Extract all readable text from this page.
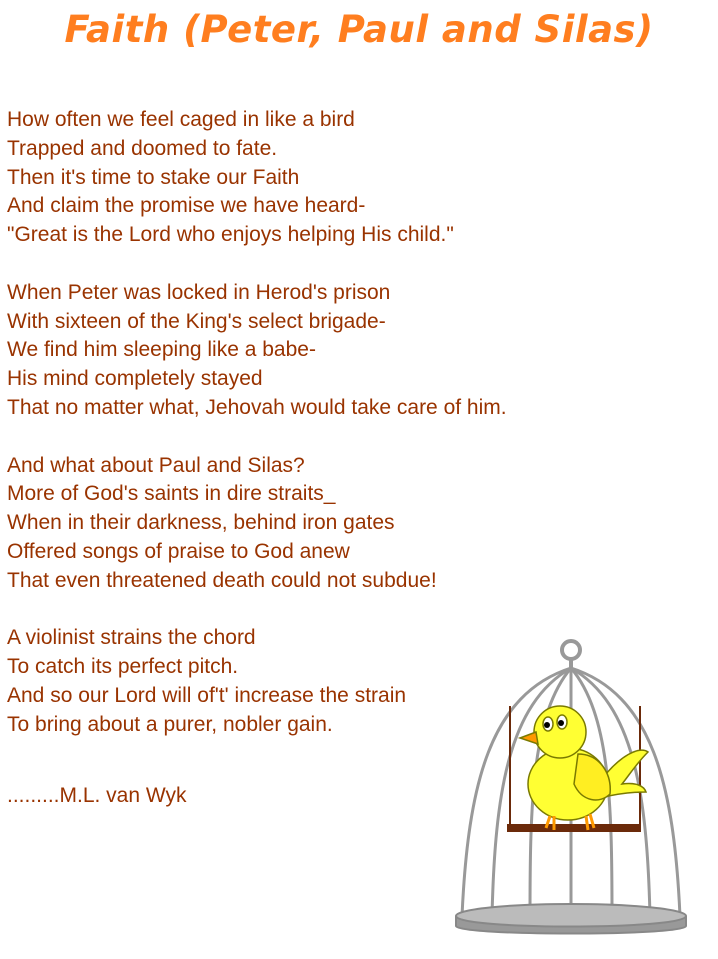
Faith (Peter, Paul and Silas)
How often we feel caged in like a bird
Trapped and doomed to fate.
Then it's time to stake our Faith
And claim the promise we have heard-
"Great is the Lord who enjoys helping His child."
When Peter was locked in Herod's prison
With sixteen of the King's select brigade-
We find him sleeping like a babe-
His mind completely stayed
That no matter what, Jehovah would take care of him.
And what about Paul and Silas?
More of God's saints in dire straits_
When in their darkness, behind iron gates
Offered songs of praise to God anew
That even threatened death could not subdue!
A violinist strains the chord
To catch its perfect pitch.
And so our Lord will of't' increase the strain
To bring about a purer, nobler gain.
.........M.L. van Wyk
